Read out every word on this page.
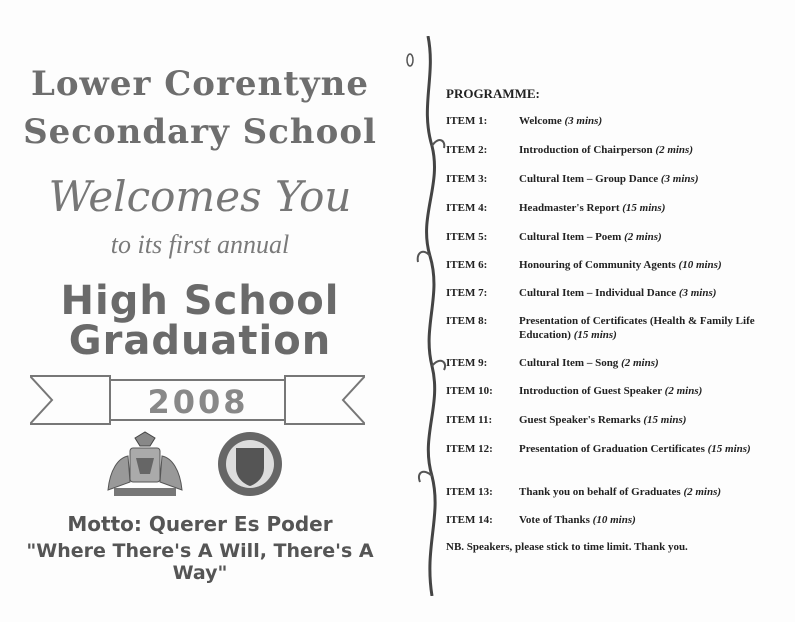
Lower Corentyne
Secondary School
Welcomes You
to its first annual
High School
Graduation
2008
Motto: Querer Es Poder
"Where There's A Will, There's A Way"
PROGRAMME:
ITEM 1:	Welcome (3 mins)
ITEM 2:	Introduction of Chairperson (2 mins)
ITEM 3:	Cultural Item – Group Dance (3 mins)
ITEM 4:	Headmaster's Report (15 mins)
ITEM 5:	Cultural Item – Poem (2 mins)
ITEM 6:	Honouring of Community Agents (10 mins)
ITEM 7:	Cultural Item – Individual Dance (3 mins)
ITEM 8:	Presentation of Certificates (Health & Family Life Education) (15 mins)
ITEM 9:	Cultural Item – Song (2 mins)
ITEM 10:	Introduction of Guest Speaker (2 mins)
ITEM 11:	Guest Speaker's Remarks (15 mins)
ITEM 12:	Presentation of Graduation Certificates (15 mins)
ITEM 13:	Thank you on behalf of Graduates (2 mins)
ITEM 14:	Vote of Thanks (10 mins)
NB. Speakers, please stick to time limit. Thank you.
